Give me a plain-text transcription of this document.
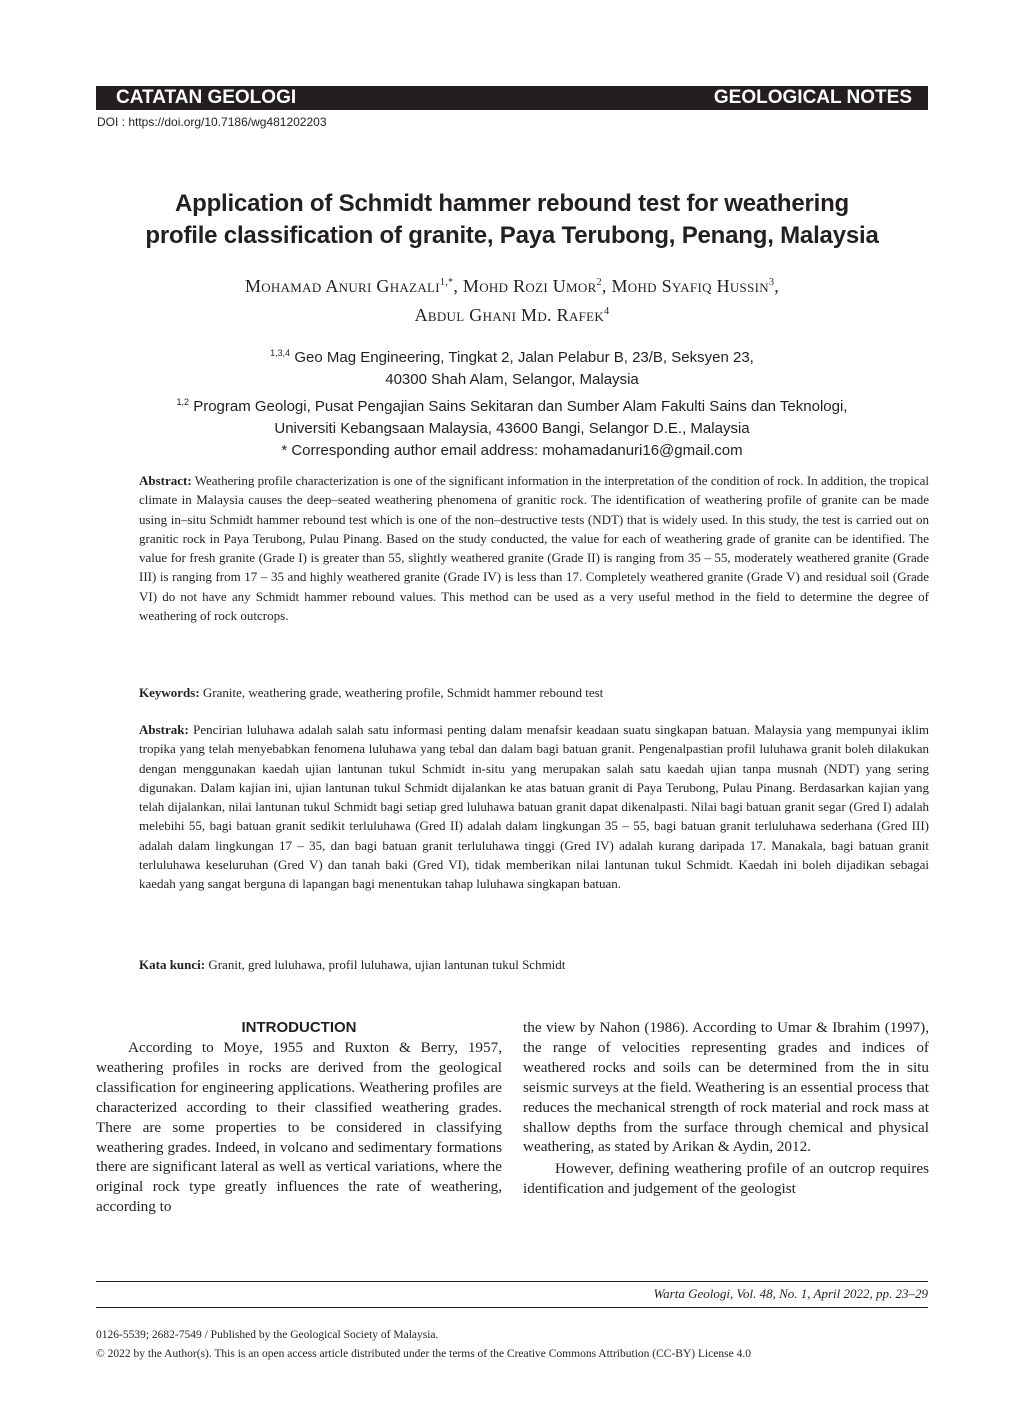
CATATAN GEOLOGI	GEOLOGICAL NOTES
DOI : https://doi.org/10.7186/wg481202203
Application of Schmidt hammer rebound test for weathering
profile classification of granite, Paya Terubong, Penang, Malaysia
Mohamad Anuri Ghazali$^{1,*}$, Mohd Rozi Umor$^2$, Mohd Syafiq Hussin$^3$,
Abdul Ghani Md. Rafek$^4$
$^{1,3,4}$ Geo Mag Engineering, Tingkat 2, Jalan Pelabur B, 23/B, Seksyen 23,
40300 Shah Alam, Selangor, Malaysia
$^{1,2}$ Program Geologi, Pusat Pengajian Sains Sekitaran dan Sumber Alam Fakulti Sains dan Teknologi,
Universiti Kebangsaan Malaysia, 43600 Bangi, Selangor D.E., Malaysia
* Corresponding author email address: mohamadanuri16@gmail.com
Abstract: Weathering profile characterization is one of the significant information in the interpretation of the condition of rock. In addition, the tropical climate in Malaysia causes the deep–seated weathering phenomena of granitic rock. The identification of weathering profile of granite can be made using in–situ Schmidt hammer rebound test which is one of the non–destructive tests (NDT) that is widely used. In this study, the test is carried out on granitic rock in Paya Terubong, Pulau Pinang. Based on the study conducted, the value for each of weathering grade of granite can be identified. The value for fresh granite (Grade I) is greater than 55, slightly weathered granite (Grade II) is ranging from 35 – 55, moderately weathered granite (Grade III) is ranging from 17 – 35 and highly weathered granite (Grade IV) is less than 17. Completely weathered granite (Grade V) and residual soil (Grade VI) do not have any Schmidt hammer rebound values. This method can be used as a very useful method in the field to determine the degree of weathering of rock outcrops.
Keywords: Granite, weathering grade, weathering profile, Schmidt hammer rebound test
Abstrak: Pencirian luluhawa adalah salah satu informasi penting dalam menafsir keadaan suatu singkapan batuan. Malaysia yang mempunyai iklim tropika yang telah menyebabkan fenomena luluhawa yang tebal dan dalam bagi batuan granit. Pengenalpastian profil luluhawa granit boleh dilakukan dengan menggunakan kaedah ujian lantunan tukul Schmidt in-situ yang merupakan salah satu kaedah ujian tanpa musnah (NDT) yang sering digunakan. Dalam kajian ini, ujian lantunan tukul Schmidt dijalankan ke atas batuan granit di Paya Terubong, Pulau Pinang. Berdasarkan kajian yang telah dijalankan, nilai lantunan tukul Schmidt bagi setiap gred luluhawa batuan granit dapat dikenalpasti. Nilai bagi batuan granit segar (Gred I) adalah melebihi 55, bagi batuan granit sedikit terluluhawa (Gred II) adalah dalam lingkungan 35 – 55, bagi batuan granit terluluhawa sederhana (Gred III) adalah dalam lingkungan 17 – 35, dan bagi batuan granit terluluhawa tinggi (Gred IV) adalah kurang daripada 17. Manakala, bagi batuan granit terluluhawa keseluruhan (Gred V) dan tanah baki (Gred VI), tidak memberikan nilai lantunan tukul Schmidt. Kaedah ini boleh dijadikan sebagai kaedah yang sangat berguna di lapangan bagi menentukan tahap luluhawa singkapan batuan.
Kata kunci: Granit, gred luluhawa, profil luluhawa, ujian lantunan tukul Schmidt
INTRODUCTION

According to Moye, 1955 and Ruxton & Berry, 1957, weathering profiles in rocks are derived from the geological classification for engineering applications. Weathering profiles are characterized according to their classified weathering grades. There are some properties to be considered in classifying weathering grades. Indeed, in volcano and sedimentary formations there are significant lateral as well as vertical variations, where the original rock type greatly influences the rate of weathering, according to

the view by Nahon (1986). According to Umar & Ibrahim (1997), the range of velocities representing grades and indices of weathered rocks and soils can be determined from the in situ seismic surveys at the field. Weathering is an essential process that reduces the mechanical strength of rock material and rock mass at shallow depths from the surface through chemical and physical weathering, as stated by Arikan & Aydin, 2012.

However, defining weathering profile of an outcrop requires identification and judgement of the geologist

Warta Geologi, Vol. 48, No. 1, April 2022, pp. 23–29
0126-5539; 2682-7549 / Published by the Geological Society of Malaysia.
© 2022 by the Author(s). This is an open access article distributed under the terms of the Creative Commons Attribution (CC-BY) License 4.0
